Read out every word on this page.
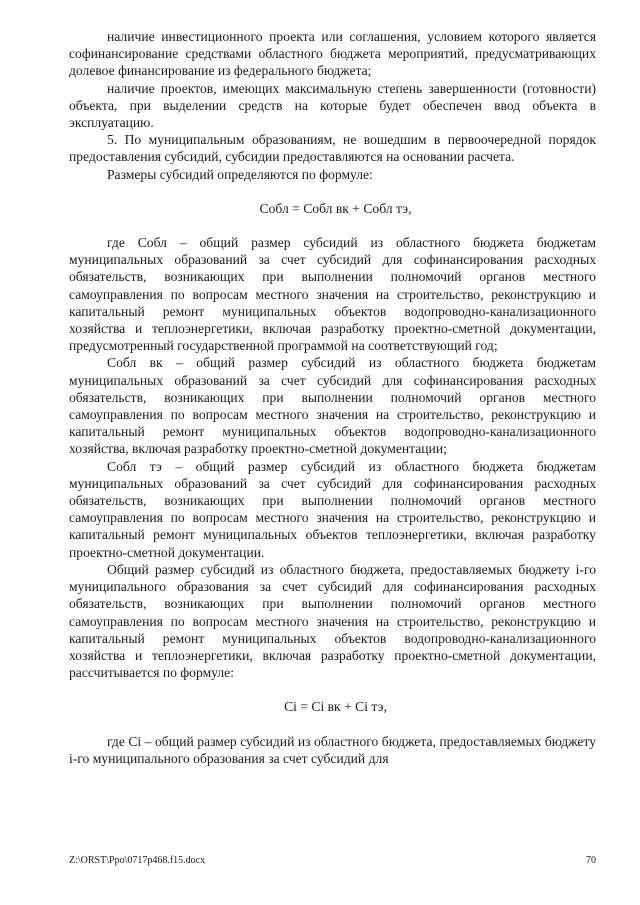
наличие инвестиционного проекта или соглашения, условием которого является софинансирование средствами областного бюджета мероприятий, предусматривающих долевое финансирование из федерального бюджета;

наличие проектов, имеющих максимальную степень завершенности (готовности) объекта, при выделении средств на которые будет обеспечен ввод объекта в эксплуатацию.

5. По муниципальным образованиям, не вошедшим в первоочередной порядок предоставления субсидий, субсидии предоставляются на основании расчета.

Размеры субсидий определяются по формуле:

Собл = Собл вк + Собл тэ,

где Собл – общий размер субсидий из областного бюджета бюджетам муниципальных образований за счет субсидий для софинансирования расходных обязательств, возникающих при выполнении полномочий органов местного самоуправления по вопросам местного значения на строительство, реконструкцию и капитальный ремонт муниципальных объектов водопроводно-канализационного хозяйства и теплоэнергетики, включая разработку проектно-сметной документации, предусмотренный государственной программой на соответствующий год;

Собл вк – общий размер субсидий из областного бюджета бюджетам муниципальных образований за счет субсидий для софинансирования расходных обязательств, возникающих при выполнении полномочий органов местного самоуправления по вопросам местного значения на строительство, реконструкцию и капитальный ремонт муниципальных объектов водопроводно-канализационного хозяйства, включая разработку проектно-сметной документации;

Собл тэ – общий размер субсидий из областного бюджета бюджетам муниципальных образований за счет субсидий для софинансирования расходных обязательств, возникающих при выполнении полномочий органов местного самоуправления по вопросам местного значения на строительство, реконструкцию и капитальный ремонт муниципальных объектов теплоэнергетики, включая разработку проектно-сметной документации.

Общий размер субсидий из областного бюджета, предоставляемых бюджету i-го муниципального образования за счет субсидий для софинансирования расходных обязательств, возникающих при выполнении полномочий органов местного самоуправления по вопросам местного значения на строительство, реконструкцию и капитальный ремонт муниципальных объектов водопроводно-канализационного хозяйства и теплоэнергетики, включая разработку проектно-сметной документации, рассчитывается по формуле:

Ci = Ci вк + Ci тэ,

где Ci – общий размер субсидий из областного бюджета, предоставляемых бюджету i-го муниципального образования за счет субсидий для

Z:\ORST\Ppo\0717p468.f15.docx	70
